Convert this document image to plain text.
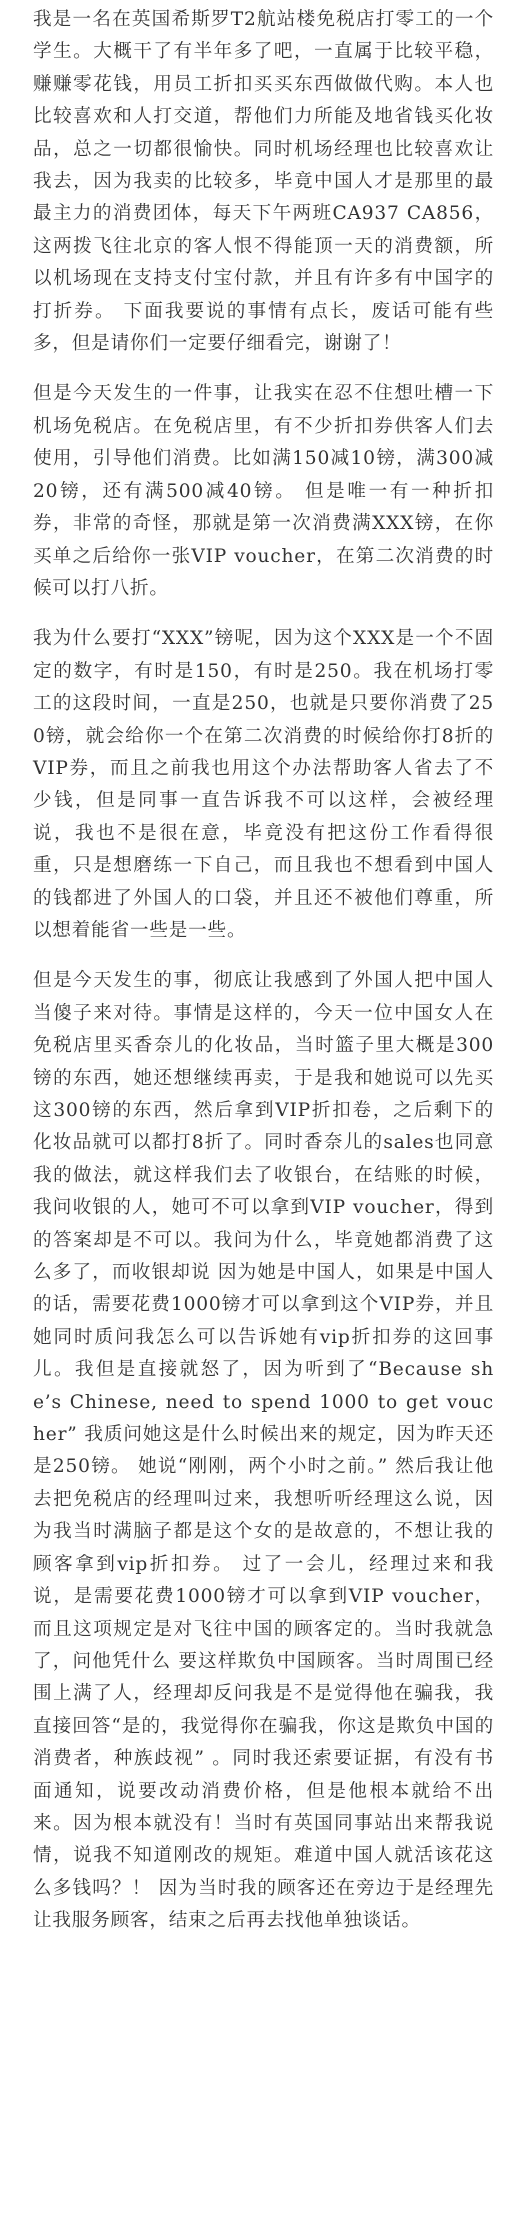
我是一名在英国希斯罗T2航站楼免税店打零工的一个学生。大概干了有半年多了吧，一直属于比较平稳，赚赚零花钱，用员工折扣买买东西做做代购。本人也比较喜欢和人打交道，帮他们力所能及地省钱买化妆品，总之一切都很愉快。同时机场经理也比较喜欢让我去，因为我卖的比较多，毕竟中国人才是那里的最最主力的消费团体，每天下午两班CA937 CA856，这两拨飞往北京的客人恨不得能顶一天的消费额，所以机场现在支持支付宝付款，并且有许多有中国字的打折券。 下面我要说的事情有点长，废话可能有些多，但是请你们一定要仔细看完，谢谢了！

但是今天发生的一件事，让我实在忍不住想吐槽一下机场免税店。在免税店里，有不少折扣券供客人们去使用，引导他们消费。比如满150减10镑，满300减20镑，还有满500减40镑。 但是唯一有一种折扣券，非常的奇怪，那就是第一次消费满XXX镑，在你买单之后给你一张VIP voucher，在第二次消费的时候可以打八折。

我为什么要打“XXX”镑呢，因为这个XXX是一个不固定的数字，有时是150，有时是250。我在机场打零工的这段时间，一直是250，也就是只要你消费了250镑，就会给你一个在第二次消费的时候给你打8折的VIP券，而且之前我也用这个办法帮助客人省去了不少钱，但是同事一直告诉我不可以这样，会被经理说，我也不是很在意，毕竟没有把这份工作看得很重，只是想磨练一下自己，而且我也不想看到中国人的钱都进了外国人的口袋，并且还不被他们尊重，所以想着能省一些是一些。

但是今天发生的事，彻底让我感到了外国人把中国人当傻子来对待。事情是这样的，今天一位中国女人在免税店里买香奈儿的化妆品，当时篮子里大概是300镑的东西，她还想继续再卖，于是我和她说可以先买这300镑的东西，然后拿到VIP折扣卷，之后剩下的化妆品就可以都打8折了。同时香奈儿的sales也同意我的做法，就这样我们去了收银台，在结账的时候，我问收银的人，她可不可以拿到VIP voucher，得到的答案却是不可以。我问为什么，毕竟她都消费了这么多了，而收银却说 因为她是中国人，如果是中国人的话，需要花费1000镑才可以拿到这个VIP券，并且她同时质问我怎么可以告诉她有vip折扣券的这回事儿。我但是直接就怒了，因为听到了“Because she’s Chinese, need to spend 1000 to get voucher” 我质问她这是什么时候出来的规定，因为昨天还是250镑。 她说“刚刚，两个小时之前。” 然后我让他去把免税店的经理叫过来，我想听听经理这么说，因为我当时满脑子都是这个女的是故意的，不想让我的顾客拿到vip折扣券。 过了一会儿，经理过来和我说，是需要花费1000镑才可以拿到VIP voucher，而且这项规定是对飞往中国的顾客定的。当时我就急了，问他凭什么 要这样欺负中国顾客。当时周围已经围上满了人，经理却反问我是不是觉得他在骗我，我直接回答“是的，我觉得你在骗我，你这是欺负中国的消费者，种族歧视” 。同时我还索要证据，有没有书面通知，说要改动消费价格，但是他根本就给不出来。因为根本就没有！当时有英国同事站出来帮我说情，说我不知道刚改的规矩。难道中国人就活该花这么多钱吗？！ 因为当时我的顾客还在旁边于是经理先让我服务顾客，结束之后再去找他单独谈话。
